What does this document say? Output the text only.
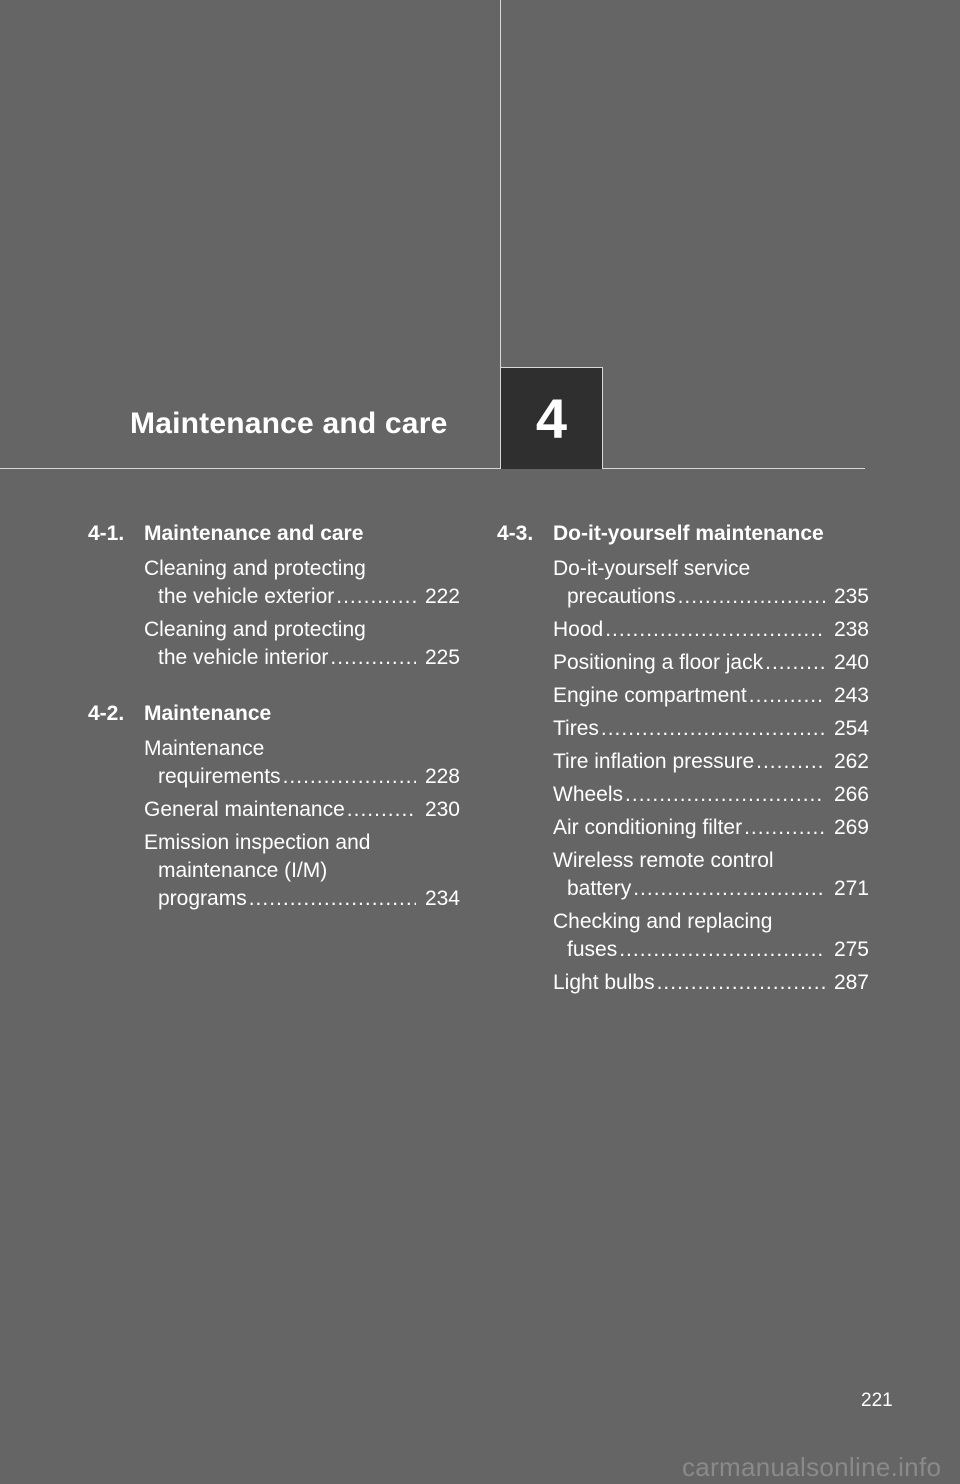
Maintenance and care	4
4-1. Maintenance and care
Cleaning and protecting
the vehicle exterior .....	222
Cleaning and protecting
the vehicle interior .....	225
4-2. Maintenance
Maintenance
requirements .....	228
General maintenance .....	230
Emission inspection and
maintenance (I/M)
programs .....	234
4-3. Do-it-yourself maintenance
Do-it-yourself service
precautions .....	235
Hood .....	238
Positioning a floor jack .....	240
Engine compartment .....	243
Tires .....	254
Tire inflation pressure .....	262
Wheels .....	266
Air conditioning filter .....	269
Wireless remote control
battery .....	271
Checking and replacing
fuses .....	275
Light bulbs .....	287
221
carmanualsonline.info
